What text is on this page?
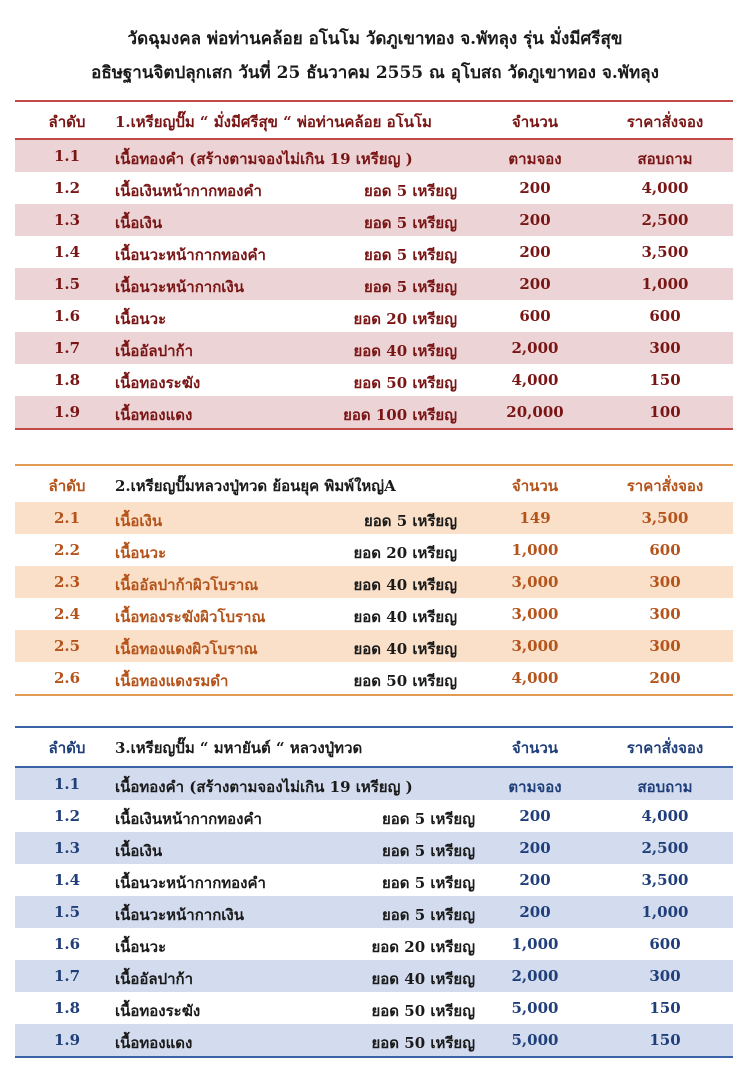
วัดฉุมงคล พ่อท่านคล้อย อโนโม วัดภูเขาทอง จ.พัทลุง รุ่น มั่งมีศรีสุข
อธิษฐานจิตปลุกเสก วันที่ 25 ธันวาคม 2555 ณ อุโบสถ วัดภูเขาทอง จ.พัทลุง
ลำดับ	1.เหรียญปั๊ม “ มั่งมีศรีสุข “ พ่อท่านคล้อย อโนโม	จำนวน	ราคาสั่งจอง
1.1	เนื้อทองคำ (สร้างตามจองไม่เกิน 19 เหรียญ )	ตามจอง	สอบถาม
1.2	เนื้อเงินหน้ากากทองคำ	ยอด 5 เหรียญ	200	4,000
1.3	เนื้อเงิน	ยอด 5 เหรียญ	200	2,500
1.4	เนื้อนวะหน้ากากทองคำ	ยอด 5 เหรียญ	200	3,500
1.5	เนื้อนวะหน้ากากเงิน	ยอด 5 เหรียญ	200	1,000
1.6	เนื้อนวะ	ยอด 20 เหรียญ	600	600
1.7	เนื้ออัลปาก้า	ยอด 40 เหรียญ	2,000	300
1.8	เนื้อทองระฆัง	ยอด 50 เหรียญ	4,000	150
1.9	เนื้อทองแดง	ยอด 100 เหรียญ	20,000	100
ลำดับ	2.เหรียญปั๊มหลวงปู่ทวด ย้อนยุค พิมพ์ใหญ่A	จำนวน	ราคาสั่งจอง
2.1	เนื้อเงิน	ยอด 5 เหรียญ	149	3,500
2.2	เนื้อนวะ	ยอด 20 เหรียญ	1,000	600
2.3	เนื้ออัลปาก้าผิวโบราณ	ยอด 40 เหรียญ	3,000	300
2.4	เนื้อทองระฆังผิวโบราณ	ยอด 40 เหรียญ	3,000	300
2.5	เนื้อทองแดงผิวโบราณ	ยอด 40 เหรียญ	3,000	300
2.6	เนื้อทองแดงรมดำ	ยอด 50 เหรียญ	4,000	200
ลำดับ	3.เหรียญปั๊ม “ มหายันต์ “ หลวงปู่ทวด	จำนวน	ราคาสั่งจอง
1.1	เนื้อทองคำ (สร้างตามจองไม่เกิน 19 เหรียญ )	ตามจอง	สอบถาม
1.2	เนื้อเงินหน้ากากทองคำ	ยอด 5 เหรียญ	200	4,000
1.3	เนื้อเงิน	ยอด 5 เหรียญ	200	2,500
1.4	เนื้อนวะหน้ากากทองคำ	ยอด 5 เหรียญ	200	3,500
1.5	เนื้อนวะหน้ากากเงิน	ยอด 5 เหรียญ	200	1,000
1.6	เนื้อนวะ	ยอด 20 เหรียญ	1,000	600
1.7	เนื้ออัลปาก้า	ยอด 40 เหรียญ	2,000	300
1.8	เนื้อทองระฆัง	ยอด 50 เหรียญ	5,000	150
1.9	เนื้อทองแดง	ยอด 50 เหรียญ	5,000	150
